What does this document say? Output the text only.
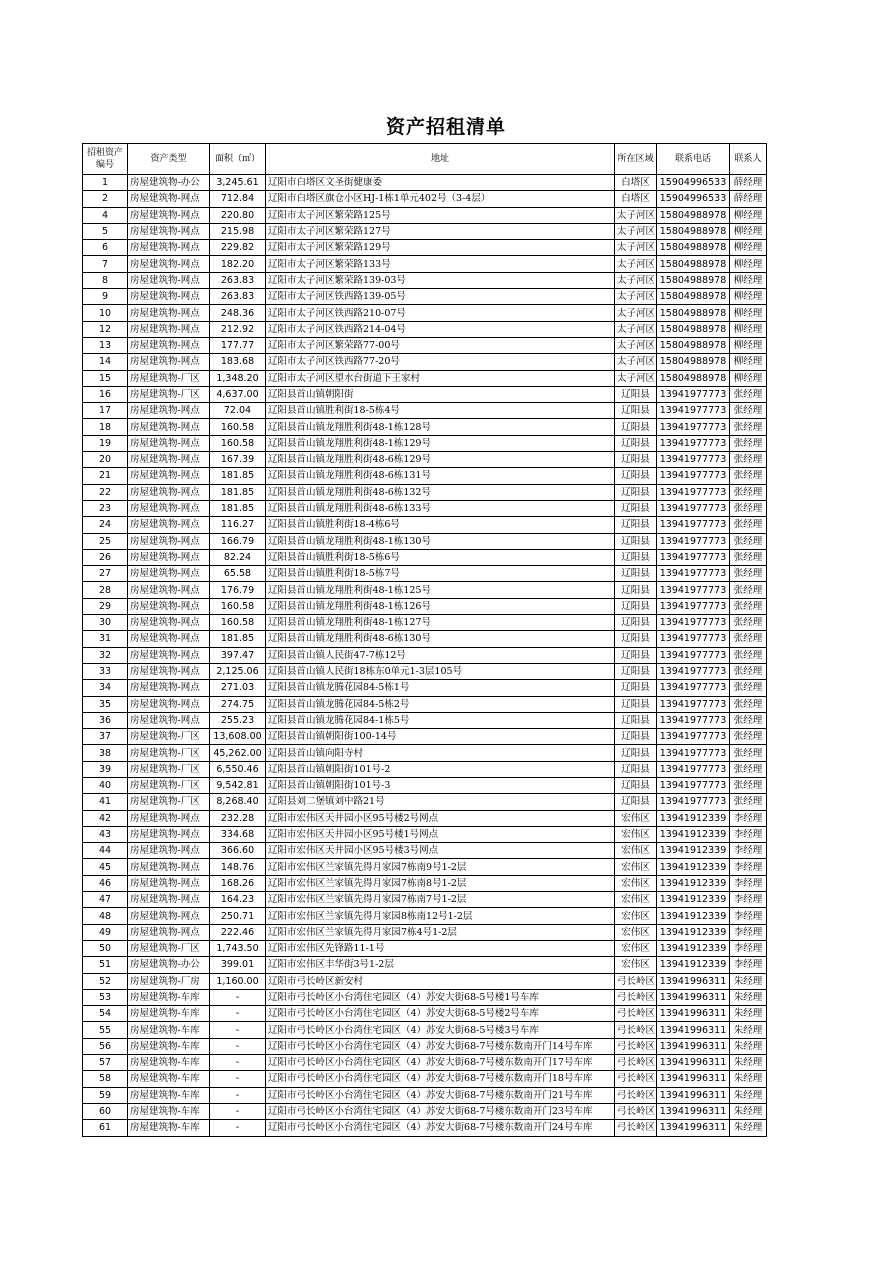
资产招租清单
招租资产
编号	资产类型	面积（㎡）	地址	所在区域	联系电话	联系人
1	房屋建筑物-办公	3,245.61	辽阳市白塔区文圣街健康委	白塔区	15904996533	薛经理
2	房屋建筑物-网点	712.84	辽阳市白塔区旗仓小区HJ-1栋1单元402号（3-4层）	白塔区	15904996533	薛经理
4	房屋建筑物-网点	220.80	辽阳市太子河区繁荣路125号	太子河区	15804988978	柳经理
5	房屋建筑物-网点	215.98	辽阳市太子河区繁荣路127号	太子河区	15804988978	柳经理
6	房屋建筑物-网点	229.82	辽阳市太子河区繁荣路129号	太子河区	15804988978	柳经理
7	房屋建筑物-网点	182.20	辽阳市太子河区繁荣路133号	太子河区	15804988978	柳经理
8	房屋建筑物-网点	263.83	辽阳市太子河区繁荣路139-03号	太子河区	15804988978	柳经理
9	房屋建筑物-网点	263.83	辽阳市太子河区铁西路139-05号	太子河区	15804988978	柳经理
10	房屋建筑物-网点	248.36	辽阳市太子河区铁西路210-07号	太子河区	15804988978	柳经理
12	房屋建筑物-网点	212.92	辽阳市太子河区铁西路214-04号	太子河区	15804988978	柳经理
13	房屋建筑物-网点	177.77	辽阳市太子河区繁荣路77-00号	太子河区	15804988978	柳经理
14	房屋建筑物-网点	183.68	辽阳市太子河区铁西路77-20号	太子河区	15804988978	柳经理
15	房屋建筑物-厂区	1,348.20	辽阳市太子河区望水台街道下王家村	太子河区	15804988978	柳经理
16	房屋建筑物-厂区	4,637.00	辽阳县首山镇朝阳街	辽阳县	13941977773	张经理
17	房屋建筑物-网点	72.04	辽阳县首山镇胜利街18-5栋4号	辽阳县	13941977773	张经理
18	房屋建筑物-网点	160.58	辽阳县首山镇龙翔胜利街48-1栋128号	辽阳县	13941977773	张经理
19	房屋建筑物-网点	160.58	辽阳县首山镇龙翔胜利街48-1栋129号	辽阳县	13941977773	张经理
20	房屋建筑物-网点	167.39	辽阳县首山镇龙翔胜利街48-6栋129号	辽阳县	13941977773	张经理
21	房屋建筑物-网点	181.85	辽阳县首山镇龙翔胜利街48-6栋131号	辽阳县	13941977773	张经理
22	房屋建筑物-网点	181.85	辽阳县首山镇龙翔胜利街48-6栋132号	辽阳县	13941977773	张经理
23	房屋建筑物-网点	181.85	辽阳县首山镇龙翔胜利街48-6栋133号	辽阳县	13941977773	张经理
24	房屋建筑物-网点	116.27	辽阳县首山镇胜利街18-4栋6号	辽阳县	13941977773	张经理
25	房屋建筑物-网点	166.79	辽阳县首山镇龙翔胜利街48-1栋130号	辽阳县	13941977773	张经理
26	房屋建筑物-网点	82.24	辽阳县首山镇胜利街18-5栋6号	辽阳县	13941977773	张经理
27	房屋建筑物-网点	65.58	辽阳县首山镇胜利街18-5栋7号	辽阳县	13941977773	张经理
28	房屋建筑物-网点	176.79	辽阳县首山镇龙翔胜利街48-1栋125号	辽阳县	13941977773	张经理
29	房屋建筑物-网点	160.58	辽阳县首山镇龙翔胜利街48-1栋126号	辽阳县	13941977773	张经理
30	房屋建筑物-网点	160.58	辽阳县首山镇龙翔胜利街48-1栋127号	辽阳县	13941977773	张经理
31	房屋建筑物-网点	181.85	辽阳县首山镇龙翔胜利街48-6栋130号	辽阳县	13941977773	张经理
32	房屋建筑物-网点	397.47	辽阳县首山镇人民街47-7栋12号	辽阳县	13941977773	张经理
33	房屋建筑物-网点	2,125.06	辽阳县首山镇人民街18栋东0单元1-3层105号	辽阳县	13941977773	张经理
34	房屋建筑物-网点	271.03	辽阳县首山镇龙腾花园84-5栋1号	辽阳县	13941977773	张经理
35	房屋建筑物-网点	274.75	辽阳县首山镇龙腾花园84-5栋2号	辽阳县	13941977773	张经理
36	房屋建筑物-网点	255.23	辽阳县首山镇龙腾花园84-1栋5号	辽阳县	13941977773	张经理
37	房屋建筑物-厂区	13,608.00	辽阳县首山镇朝阳街100-14号	辽阳县	13941977773	张经理
38	房屋建筑物-厂区	45,262.00	辽阳县首山镇向阳寺村	辽阳县	13941977773	张经理
39	房屋建筑物-厂区	6,550.46	辽阳县首山镇朝阳街101号-2	辽阳县	13941977773	张经理
40	房屋建筑物-厂区	9,542.81	辽阳县首山镇朝阳街101号-3	辽阳县	13941977773	张经理
41	房屋建筑物-厂区	8,268.40	辽阳县刘二堡镇刘中路21号	辽阳县	13941977773	张经理
42	房屋建筑物-网点	232.28	辽阳市宏伟区天井园小区95号楼2号网点	宏伟区	13941912339	李经理
43	房屋建筑物-网点	334.68	辽阳市宏伟区天井园小区95号楼1号网点	宏伟区	13941912339	李经理
44	房屋建筑物-网点	366.60	辽阳市宏伟区天井园小区95号楼3号网点	宏伟区	13941912339	李经理
45	房屋建筑物-网点	148.76	辽阳市宏伟区兰家镇先得月家园7栋南9号1-2层	宏伟区	13941912339	李经理
46	房屋建筑物-网点	168.26	辽阳市宏伟区兰家镇先得月家园7栋南8号1-2层	宏伟区	13941912339	李经理
47	房屋建筑物-网点	164.23	辽阳市宏伟区兰家镇先得月家园7栋南7号1-2层	宏伟区	13941912339	李经理
48	房屋建筑物-网点	250.71	辽阳市宏伟区兰家镇先得月家园8栋南12号1-2层	宏伟区	13941912339	李经理
49	房屋建筑物-网点	222.46	辽阳市宏伟区兰家镇先得月家园7栋4号1-2层	宏伟区	13941912339	李经理
50	房屋建筑物-厂区	1,743.50	辽阳市宏伟区先锋路11-1号	宏伟区	13941912339	李经理
51	房屋建筑物-办公	399.01	辽阳市宏伟区丰华街3号1-2层	宏伟区	13941912339	李经理
52	房屋建筑物-厂房	1,160.00	辽阳市弓长岭区新安村	弓长岭区	13941996311	朱经理
53	房屋建筑物-车库	-	辽阳市弓长岭区小台湾住宅园区（4）苏安大街68-5号楼1号车库	弓长岭区	13941996311	朱经理
54	房屋建筑物-车库	-	辽阳市弓长岭区小台湾住宅园区（4）苏安大街68-5号楼2号车库	弓长岭区	13941996311	朱经理
55	房屋建筑物-车库	-	辽阳市弓长岭区小台湾住宅园区（4）苏安大街68-5号楼3号车库	弓长岭区	13941996311	朱经理
56	房屋建筑物-车库	-	辽阳市弓长岭区小台湾住宅园区（4）苏安大街68-7号楼东数南开门14号车库	弓长岭区	13941996311	朱经理
57	房屋建筑物-车库	-	辽阳市弓长岭区小台湾住宅园区（4）苏安大街68-7号楼东数南开门17号车库	弓长岭区	13941996311	朱经理
58	房屋建筑物-车库	-	辽阳市弓长岭区小台湾住宅园区（4）苏安大街68-7号楼东数南开门18号车库	弓长岭区	13941996311	朱经理
59	房屋建筑物-车库	-	辽阳市弓长岭区小台湾住宅园区（4）苏安大街68-7号楼东数南开门21号车库	弓长岭区	13941996311	朱经理
60	房屋建筑物-车库	-	辽阳市弓长岭区小台湾住宅园区（4）苏安大街68-7号楼东数南开门23号车库	弓长岭区	13941996311	朱经理
61	房屋建筑物-车库	-	辽阳市弓长岭区小台湾住宅园区（4）苏安大街68-7号楼东数南开门24号车库	弓长岭区	13941996311	朱经理
